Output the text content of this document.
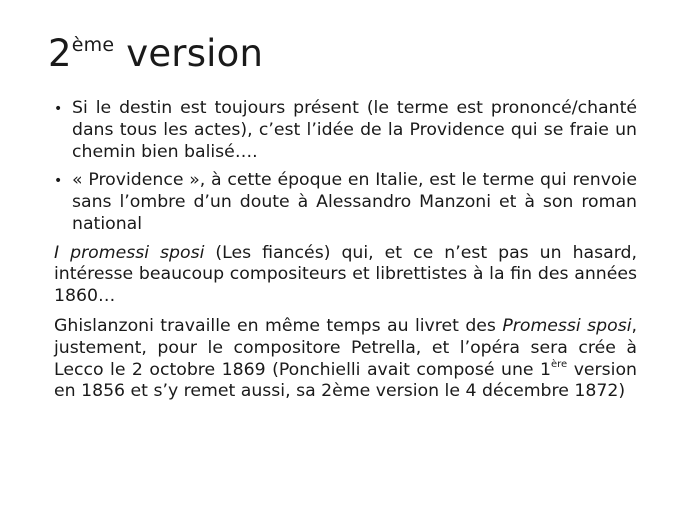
2ème version
• Si le destin est toujours présent (le terme est prononcé/chanté dans tous les actes), c’est l’idée de la Providence qui se fraie un chemin bien balisé….

• « Providence », à cette époque en Italie, est le terme qui renvoie sans l’ombre d’un doute à Alessandro Manzoni et à son roman national

I promessi sposi (Les fiancés) qui, et ce n’est pas un hasard, intéresse beaucoup compositeurs et librettistes à la fin des années 1860…

Ghislanzoni travaille en même temps au livret des Promessi sposi, justement, pour le compositore Petrella, et l’opéra sera crée à Lecco le 2 octobre 1869 (Ponchielli avait composé une 1ère version en 1856 et s’y remet aussi, sa 2ème version le 4 décembre 1872)
